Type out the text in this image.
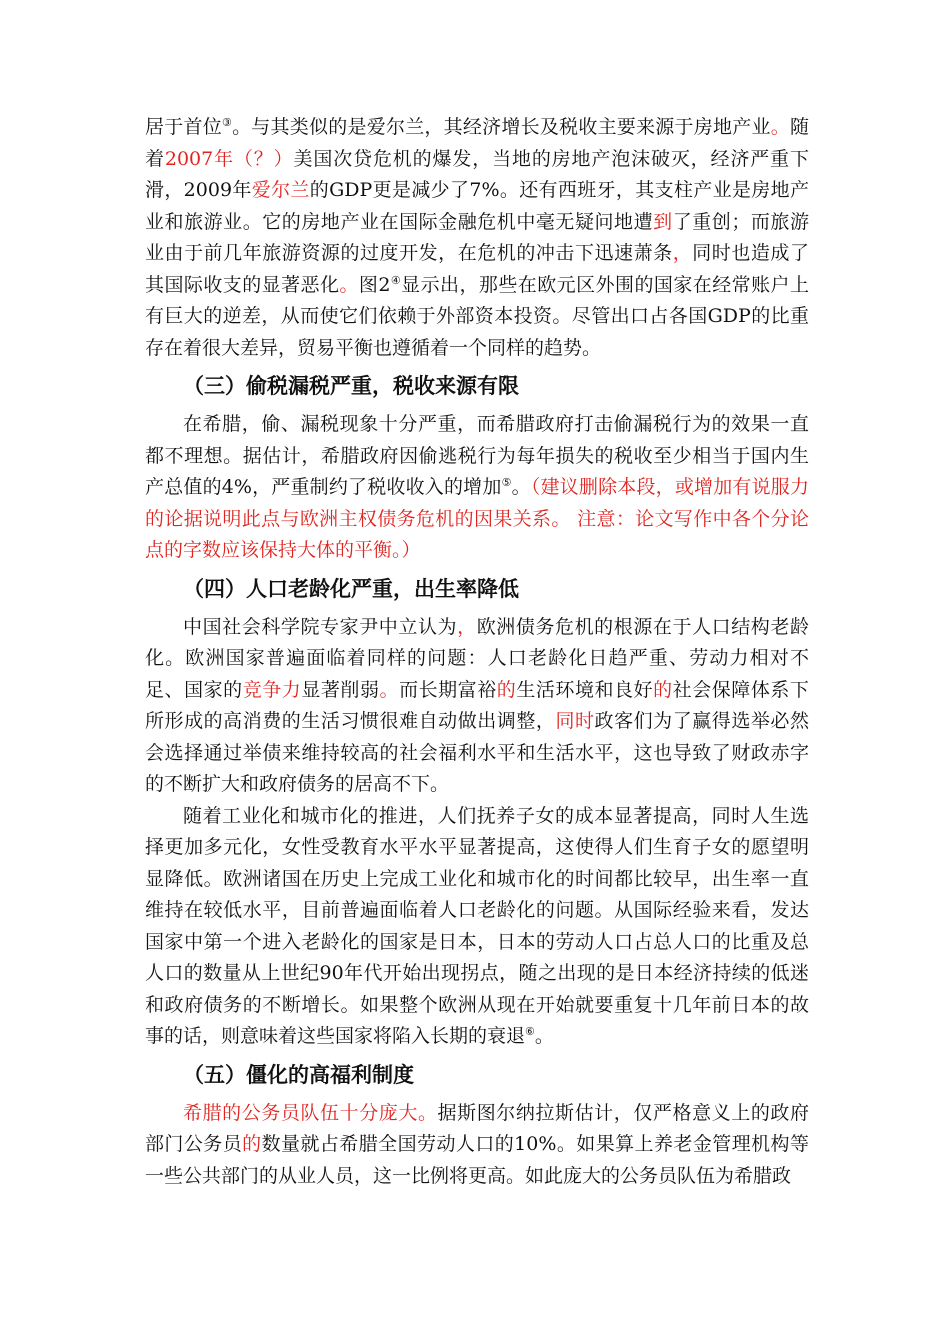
居于首位③。与其类似的是爱尔兰，其经济增长及税收主要来源于房地产业。随着2007年（？）美国次贷危机的爆发，当地的房地产泡沫破灭，经济严重下滑，2009年爱尔兰的GDP更是减少了7%。还有西班牙，其支柱产业是房地产业和旅游业。它的房地产业在国际金融危机中毫无疑问地遭到了重创；而旅游业由于前几年旅游资源的过度开发，在危机的冲击下迅速萧条，同时也造成了其国际收支的显著恶化。图2④显示出，那些在欧元区外围的国家在经常账户上有巨大的逆差，从而使它们依赖于外部资本投资。尽管出口占各国GDP的比重存在着很大差异，贸易平衡也遵循着一个同样的趋势。

（三）偷税漏税严重，税收来源有限

在希腊，偷、漏税现象十分严重，而希腊政府打击偷漏税行为的效果一直都不理想。据估计，希腊政府因偷逃税行为每年损失的税收至少相当于国内生产总值的4%，严重制约了税收收入的增加⑤。（建议删除本段，或增加有说服力的论据说明此点与欧洲主权债务危机的因果关系。 注意：论文写作中各个分论点的字数应该保持大体的平衡。）

（四）人口老龄化严重，出生率降低

中国社会科学院专家尹中立认为，欧洲债务危机的根源在于人口结构老龄化。欧洲国家普遍面临着同样的问题：人口老龄化日趋严重、劳动力相对不足、国家的竞争力显著削弱。而长期富裕的生活环境和良好的社会保障体系下所形成的高消费的生活习惯很难自动做出调整，同时政客们为了赢得选举必然会选择通过举债来维持较高的社会福利水平和生活水平，这也导致了财政赤字的不断扩大和政府债务的居高不下。

随着工业化和城市化的推进，人们抚养子女的成本显著提高，同时人生选择更加多元化，女性受教育水平水平显著提高，这使得人们生育子女的愿望明显降低。欧洲诸国在历史上完成工业化和城市化的时间都比较早，出生率一直维持在较低水平，目前普遍面临着人口老龄化的问题。从国际经验来看，发达国家中第一个进入老龄化的国家是日本，日本的劳动人口占总人口的比重及总人口的数量从上世纪90年代开始出现拐点，随之出现的是日本经济持续的低迷和政府债务的不断增长。如果整个欧洲从现在开始就要重复十几年前日本的故事的话，则意味着这些国家将陷入长期的衰退⑥。

（五）僵化的高福利制度

希腊的公务员队伍十分庞大。据斯图尔纳拉斯估计，仅严格意义上的政府部门公务员的数量就占希腊全国劳动人口的10%。如果算上养老金管理机构等一些公共部门的从业人员，这一比例将更高。如此庞大的公务员队伍为希腊政
